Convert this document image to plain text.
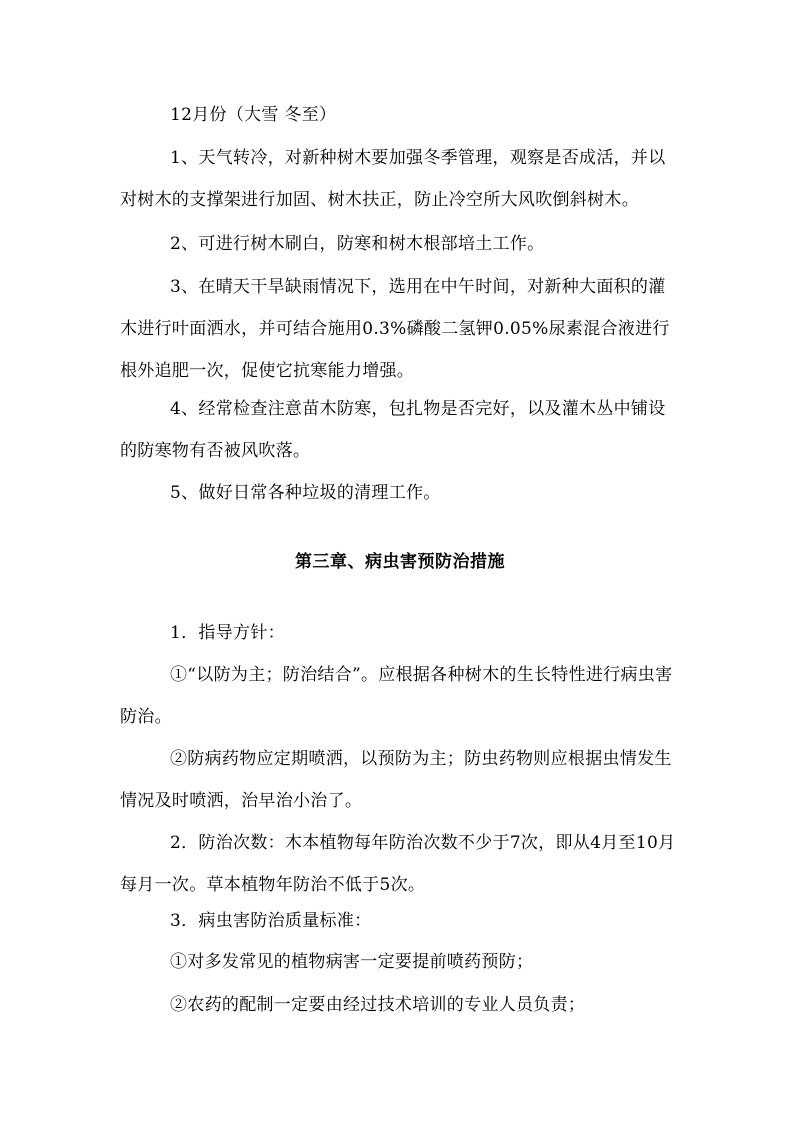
12月份（大雪 冬至）
1、天气转冷，对新种树木要加强冬季管理，观察是否成活，并以对树木的支撑架进行加固、树木扶正，防止冷空所大风吹倒斜树木。
2、可进行树木刷白，防寒和树木根部培土工作。
3、在晴天干旱缺雨情况下，选用在中午时间，对新种大面积的灌木进行叶面洒水，并可结合施用0.3%磷酸二氢钾0.05%尿素混合液进行根外追肥一次，促使它抗寒能力增强。
4、经常检查注意苗木防寒，包扎物是否完好，以及灌木丛中铺设的防寒物有否被风吹落。
5、做好日常各种垃圾的清理工作。
第三章、病虫害预防治措施
1．指导方针：
①“以防为主；防治结合”。应根据各种树木的生长特性进行病虫害防治。
②防病药物应定期喷洒，以预防为主；防虫药物则应根据虫情发生情况及时喷洒，治早治小治了。
2．防治次数：木本植物每年防治次数不少于7次，即从4月至10月每月一次。草本植物年防治不低于5次。
3．病虫害防治质量标准：
①对多发常见的植物病害一定要提前喷药预防；
②农药的配制一定要由经过技术培训的专业人员负责；
